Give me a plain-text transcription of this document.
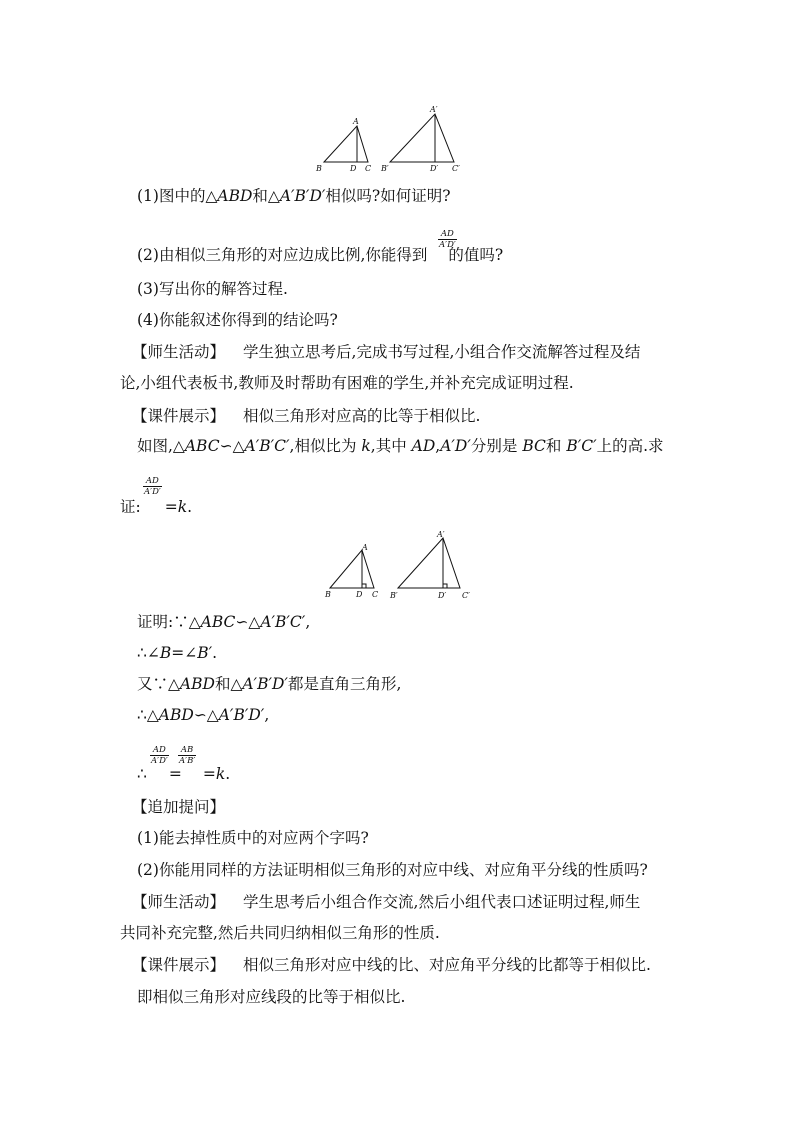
A
B	D C
A′
B′	D′ C′
(1)图中的△ABD和△A′B′D′相似吗?如何证明?
(2)由相似三角形的对应边成比例,你能得到 的值吗?
$\frac{AD}{A'D'}$
(3)写出你的解答过程.
(4)你能叙述你得到的结论吗?
【师生活动】 学生独立思考后,完成书写过程,小组合作交流解答过程及结
论,小组代表板书,教师及时帮助有困难的学生,并补充完成证明过程.
【课件展示】 相似三角形对应高的比等于相似比.
如图,△ABC∽△A′B′C′,相似比为 k,其中 AD,A′D′分别是 BC和 B′C′上的高.求
证: =k.
$\frac{AD}{A'D'}$
A
B	D C
A′
B′	D′ C′
证明:∵△ABC∽△A′B′C′,
∴∠B=∠B′.
又∵△ABD和△A′B′D′都是直角三角形,
∴△ABD∽△A′B′D′,
∴ = =k.
$\frac{AD}{A'D'} \frac{AB}{A'B'}$
【追加提问】
(1)能去掉性质中的对应两个字吗?
(2)你能用同样的方法证明相似三角形的对应中线、对应角平分线的性质吗?
【师生活动】 学生思考后小组合作交流,然后小组代表口述证明过程,师生
共同补充完整,然后共同归纳相似三角形的性质.
【课件展示】 相似三角形对应中线的比、对应角平分线的比都等于相似比.
即相似三角形对应线段的比等于相似比.
